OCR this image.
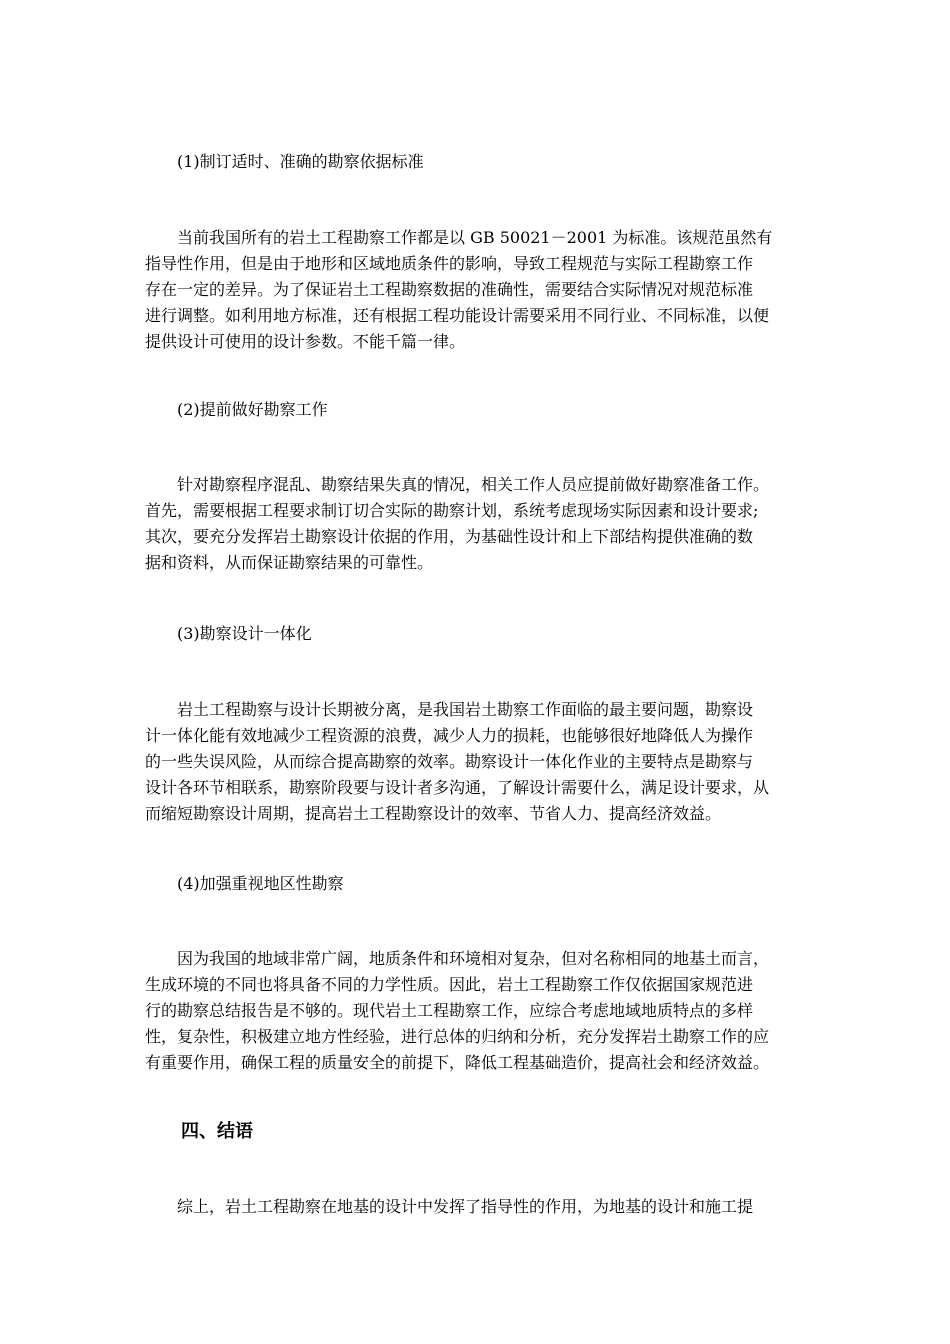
(1)制订适时、准确的勘察依据标准
当前我国所有的岩土工程勘察工作都是以 GB 50021－2001 为标准。该规范虽然有
指导性作用，但是由于地形和区域地质条件的影响，导致工程规范与实际工程勘察工作
存在一定的差异。为了保证岩土工程勘察数据的准确性，需要结合实际情况对规范标准
进行调整。如利用地方标准，还有根据工程功能设计需要采用不同行业、不同标准，以便
提供设计可使用的设计参数。不能千篇一律。
(2)提前做好勘察工作
针对勘察程序混乱、勘察结果失真的情况，相关工作人员应提前做好勘察准备工作。
首先，需要根据工程要求制订切合实际的勘察计划，系统考虑现场实际因素和设计要求;
其次，要充分发挥岩土勘察设计依据的作用，为基础性设计和上下部结构提供准确的数
据和资料，从而保证勘察结果的可靠性。
(3)勘察设计一体化
岩土工程勘察与设计长期被分离，是我国岩土勘察工作面临的最主要问题，勘察设
计一体化能有效地减少工程资源的浪费，减少人力的损耗，也能够很好地降低人为操作
的一些失误风险，从而综合提高勘察的效率。勘察设计一体化作业的主要特点是勘察与
设计各环节相联系，勘察阶段要与设计者多沟通，了解设计需要什么，满足设计要求，从
而缩短勘察设计周期，提高岩土工程勘察设计的效率、节省人力、提高经济效益。
(4)加强重视地区性勘察
因为我国的地域非常广阔，地质条件和环境相对复杂，但对名称相同的地基土而言，
生成环境的不同也将具备不同的力学性质。因此，岩土工程勘察工作仅依据国家规范进
行的勘察总结报告是不够的。现代岩土工程勘察工作，应综合考虑地域地质特点的多样
性，复杂性，积极建立地方性经验，进行总体的归纳和分析，充分发挥岩土勘察工作的应
有重要作用，确保工程的质量安全的前提下，降低工程基础造价，提高社会和经济效益。
四、结语
综上，岩土工程勘察在地基的设计中发挥了指导性的作用，为地基的设计和施工提
